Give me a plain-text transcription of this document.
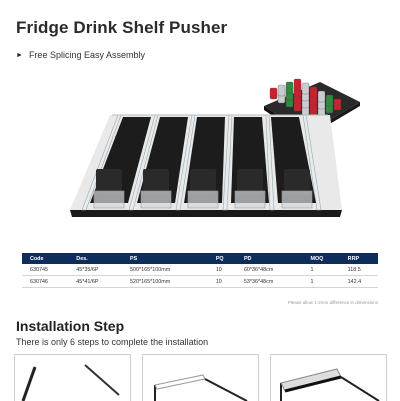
Fridge Drink Shelf Pusher
► Free Splicing Easy Assembly
Code	Des.	PS	PQ	PD	MOQ	RRP
630745	45*35/6P	500*165*100mm	10	60*36*48cm	1	118.5
630746	45*41/6P	520*165*100mm	10	53*36*48cm	1	142.4
Please allow 1-2mm difference in dimensions
Installation Step
There is only 6 steps to complete the installation
